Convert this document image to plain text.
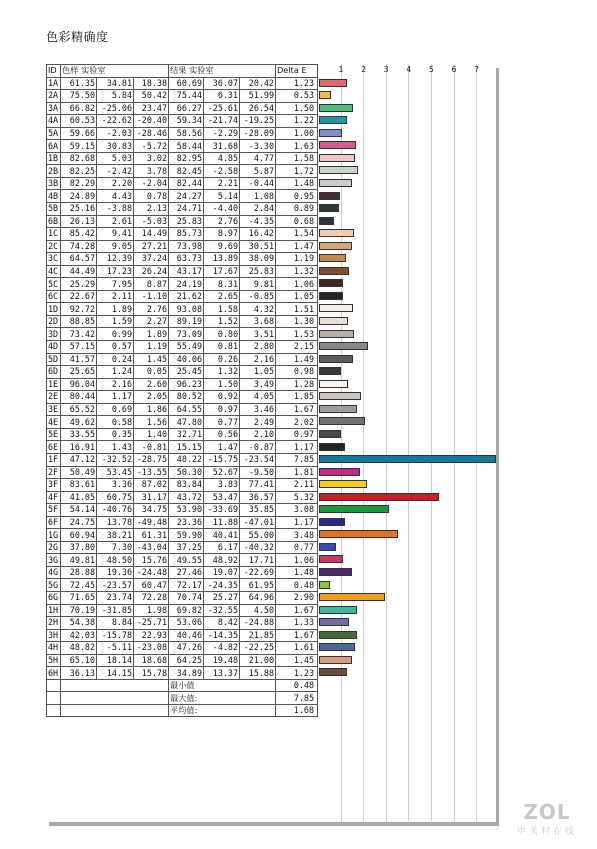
色彩精确度
ID	色样 实验室			结果 实验室			Delta E
1A	61.35	34.81	18.38	60.69	36.07	20.42	1.23
2A	75.50	5.84	50.42	75.44	6.31	51.99	0.53
3A	66.82	-25.06	23.47	66.27	-25.61	26.54	1.50
4A	60.53	-22.62	-20.40	59.34	-21.74	-19.25	1.22
5A	59.66	-2.03	-28.46	58.56	-2.29	-28.09	1.00
6A	59.15	30.83	-5.72	58.44	31.68	-3.30	1.63
1B	82.68	5.03	3.02	82.95	4.85	4.77	1.58
2B	82.25	-2.42	3.78	82.45	-2.58	5.87	1.72
3B	82.29	2.20	-2.04	82.44	2.21	-0.44	1.48
4B	24.89	4.43	0.78	24.27	5.14	1.08	0.95
5B	25.16	-3.88	2.13	24.71	-4.40	2.84	0.89
6B	26.13	2.61	-5.03	25.83	2.76	-4.35	0.68
1C	85.42	9.41	14.49	85.73	8.97	16.42	1.54
2C	74.28	9.05	27.21	73.98	9.69	30.51	1.47
3C	64.57	12.39	37.24	63.73	13.89	38.09	1.19
4C	44.49	17.23	26.24	43.17	17.67	25.83	1.32
5C	25.29	7.95	8.87	24.19	8.31	9.81	1.06
6C	22.67	2.11	-1.10	21.62	2.65	-0.85	1.05
1D	92.72	1.89	2.76	93.08	1.58	4.32	1.51
2D	88.85	1.59	2.27	89.19	1.52	3.68	1.30
3D	73.42	0.99	1.89	73.09	0.80	3.51	1.53
4D	57.15	0.57	1.19	55.49	0.81	2.80	2.15
5D	41.57	0.24	1.45	40.06	0.26	2.16	1.49
6D	25.65	1.24	0.05	25.45	1.32	1.05	0.98
1E	96.04	2.16	2.60	96.23	1.50	3.49	1.28
2E	80.44	1.17	2.05	80.52	0.92	4.05	1.85
3E	65.52	0.69	1.86	64.55	0.97	3.46	1.67
4E	49.62	0.58	1.56	47.80	0.77	2.49	2.02
5E	33.55	0.35	1.40	32.71	0.56	2.10	0.97
6E	16.91	1.43	-0.81	15.15	1.47	-0.87	1.17
1F	47.12	-32.52	-28.75	48.22	-15.75	-23.54	7.85
2F	50.49	53.45	-13.55	50.30	52.67	-9.50	1.81
3F	83.61	3.36	87.02	83.84	3.83	77.41	2.11
4F	41.05	60.75	31.17	43.72	53.47	36.57	5.32
5F	54.14	-40.76	34.75	53.90	-33.69	35.85	3.08
6F	24.75	13.78	-49.48	23.36	11.88	-47.01	1.17
1G	60.94	38.21	61.31	59.90	40.41	55.00	3.48
2G	37.80	7.30	-43.04	37.25	6.17	-40.32	0.77
3G	49.81	48.50	15.76	49.55	48.92	17.71	1.06
4G	28.88	19.36	-24.48	27.46	19.07	-22.69	1.48
5G	72.45	-23.57	60.47	72.17	-24.35	61.95	0.48
6G	71.65	23.74	72.28	70.74	25.27	64.96	2.90
1H	70.19	-31.85	1.98	69.82	-32.55	4.50	1.67
2H	54.38	8.84	-25.71	53.06	8.42	-24.88	1.33
3H	42.03	-15.78	22.93	40.46	-14.35	21.85	1.67
4H	48.82	-5.11	-23.08	47.26	-4.82	-22.25	1.61
5H	65.10	18.14	18.68	64.25	19.48	21.00	1.45
6H	36.13	14.15	15.78	34.89	13.37	15.88	1.23
				最小值			0.48
				最大值:			7.85
				平均值:			1.68
1 2 3 4 5 6 7
ZOL
中关村在线
